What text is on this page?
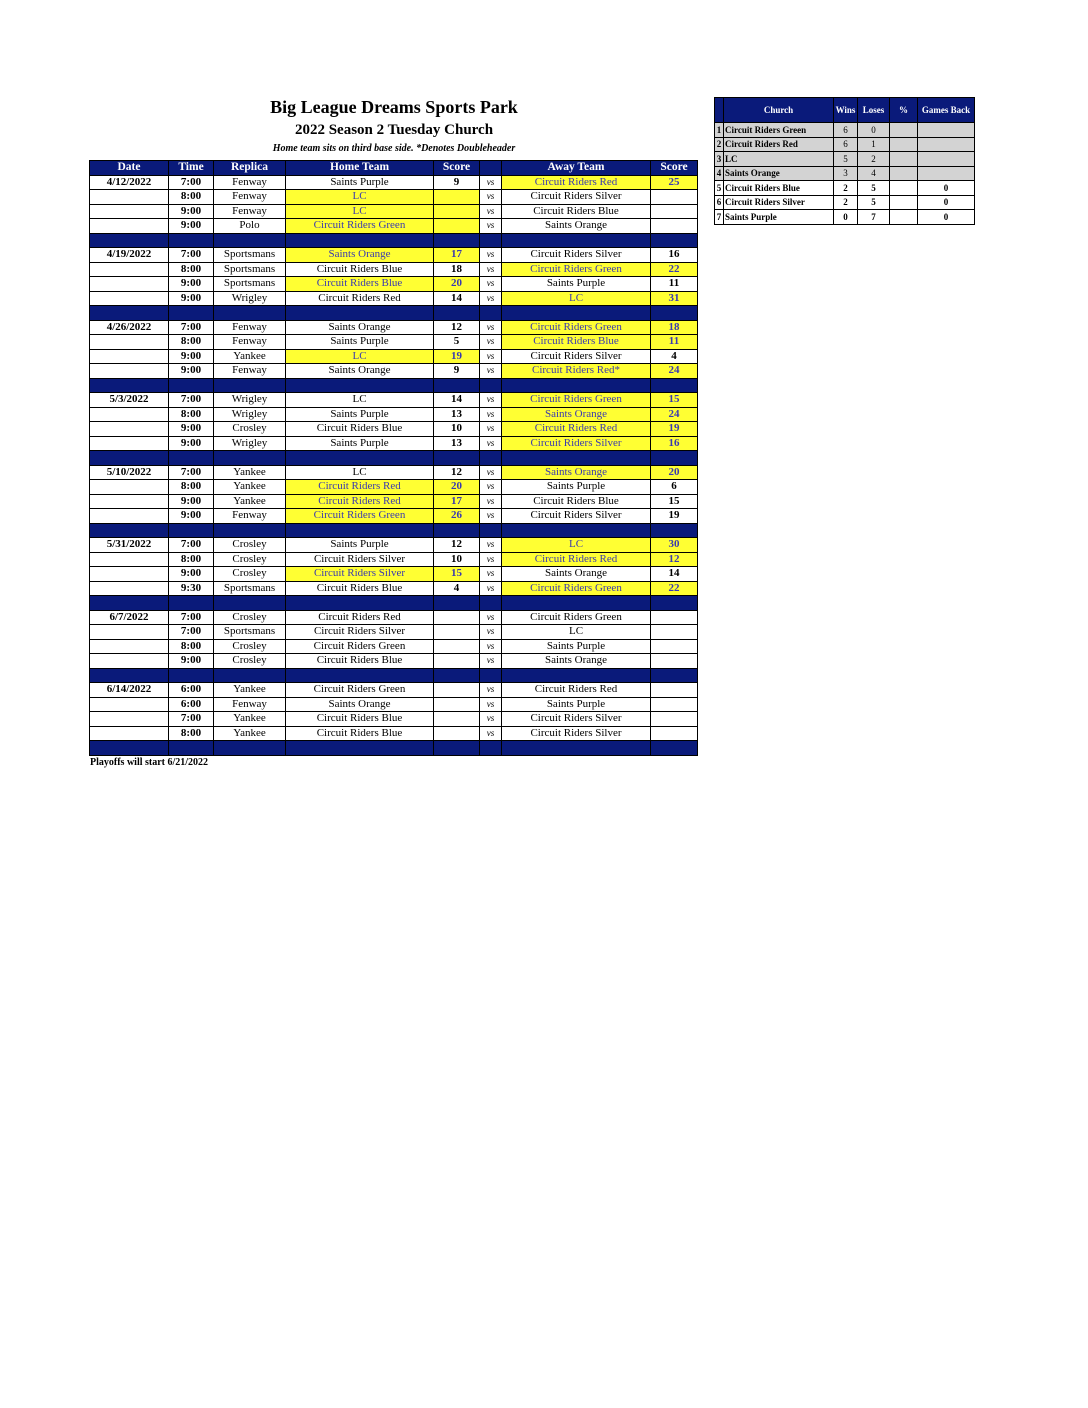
Big League Dreams Sports Park
2022 Season 2 Tuesday Church
Home team sits on third base side. *Denotes Doubleheader
Date	Time	Replica	Home Team	Score		Away Team	Score
4/12/2022	7:00	Fenway	Saints Purple	9	vs	Circuit Riders Red	25
	8:00	Fenway	LC		vs	Circuit Riders Silver	
	9:00	Fenway	LC		vs	Circuit Riders Blue	
	9:00	Polo	Circuit Riders Green		vs	Saints Orange	

4/19/2022	7:00	Sportsmans	Saints Orange	17	vs	Circuit Riders Silver	16
	8:00	Sportsmans	Circuit Riders Blue	18	vs	Circuit Riders Green	22
	9:00	Sportsmans	Circuit Riders Blue	20	vs	Saints Purple	11
	9:00	Wrigley	Circuit Riders Red	14	vs	LC	31

4/26/2022	7:00	Fenway	Saints Orange	12	vs	Circuit Riders Green	18
	8:00	Fenway	Saints Purple	5	vs	Circuit Riders Blue	11
	9:00	Yankee	LC	19	vs	Circuit Riders Silver	4
	9:00	Fenway	Saints Orange	9	vs	Circuit Riders Red*	24

5/3/2022	7:00	Wrigley	LC	14	vs	Circuit Riders Green	15
	8:00	Wrigley	Saints Purple	13	vs	Saints Orange	24
	9:00	Crosley	Circuit Riders Blue	10	vs	Circuit Riders Red	19
	9:00	Wrigley	Saints Purple	13	vs	Circuit Riders Silver	16

5/10/2022	7:00	Yankee	LC	12	vs	Saints Orange	20
	8:00	Yankee	Circuit Riders Red	20	vs	Saints Purple	6
	9:00	Yankee	Circuit Riders Red	17	vs	Circuit Riders Blue	15
	9:00	Fenway	Circuit Riders Green	26	vs	Circuit Riders Silver	19

5/31/2022	7:00	Crosley	Saints Purple	12	vs	LC	30
	8:00	Crosley	Circuit Riders Silver	10	vs	Circuit Riders Red	12
	9:00	Crosley	Circuit Riders Silver	15	vs	Saints Orange	14
	9:30	Sportsmans	Circuit Riders Blue	4	vs	Circuit Riders Green	22

6/7/2022	7:00	Crosley	Circuit Riders Red		vs	Circuit Riders Green	
	7:00	Sportsmans	Circuit Riders Silver		vs	LC	
	8:00	Crosley	Circuit Riders Green		vs	Saints Purple	
	9:00	Crosley	Circuit Riders Blue		vs	Saints Orange	

6/14/2022	6:00	Yankee	Circuit Riders Green		vs	Circuit Riders Red	
	6:00	Fenway	Saints Orange		vs	Saints Purple	
	7:00	Yankee	Circuit Riders Blue		vs	Circuit Riders Silver	
	8:00	Yankee	Circuit Riders Blue		vs	Circuit Riders Silver	

Playoffs will start 6/21/2022
	Church	Wins	Loses	%	Games Back
1	Circuit Riders Green	6	0		
2	Circuit Riders Red	6	1		
3	LC	5	2		
4	Saints Orange	3	4		
5	Circuit Riders Blue	2	5		0
6	Circuit Riders Silver	2	5		0
7	Saints Purple	0	7		0
